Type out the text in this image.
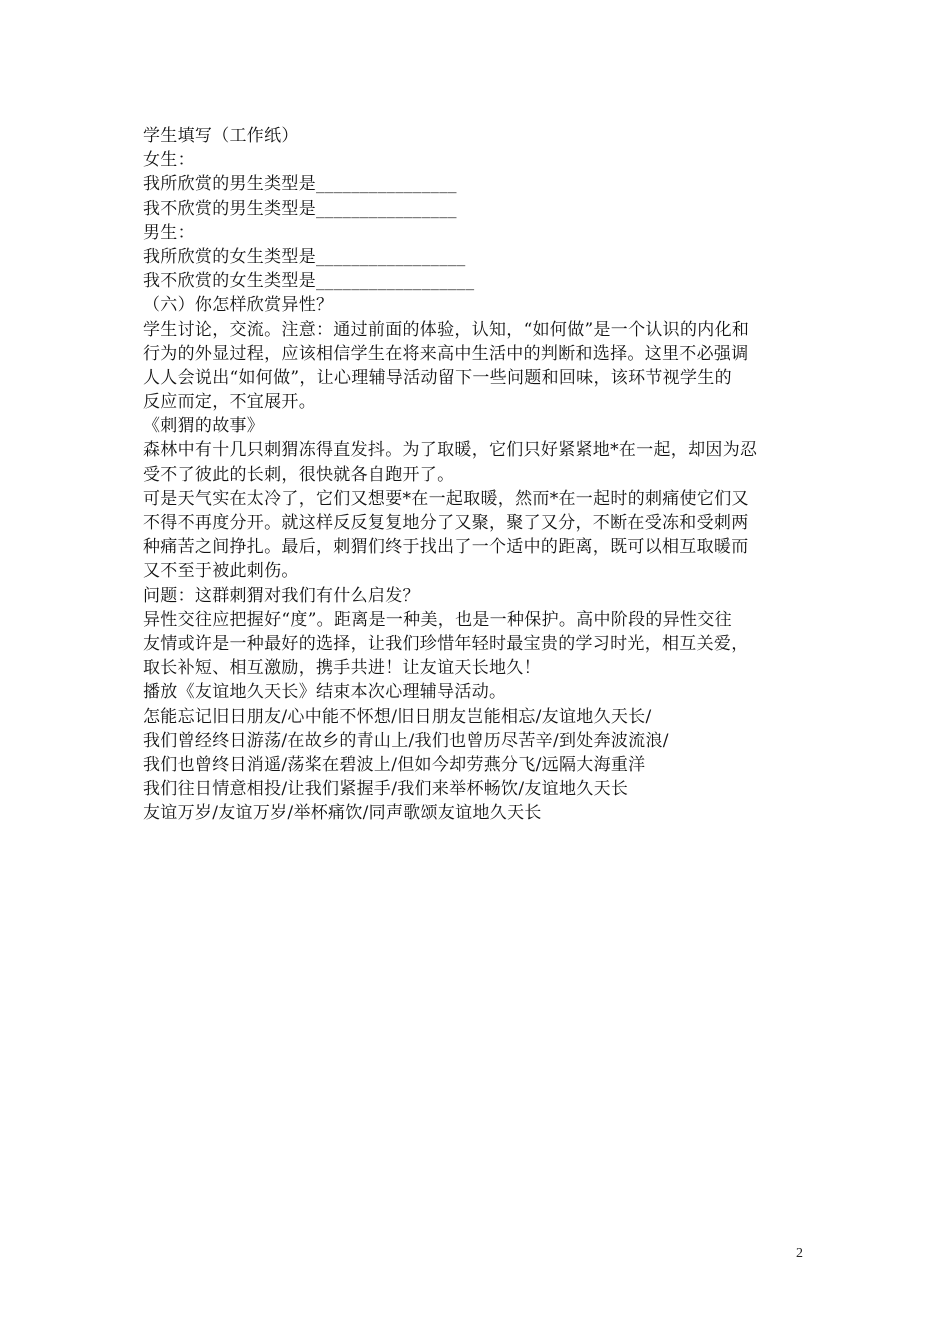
学生填写（工作纸）
女生：
我所欣赏的男生类型是________________
我不欣赏的男生类型是________________
男生：
我所欣赏的女生类型是_________________
我不欣赏的女生类型是__________________
（六）你怎样欣赏异性？
学生讨论，交流。注意：通过前面的体验，认知，“如何做”是一个认识的内化和
行为的外显过程，应该相信学生在将来高中生活中的判断和选择。这里不必强调
人人会说出“如何做”，让心理辅导活动留下一些问题和回味，该环节视学生的
反应而定，不宜展开。
《刺猬的故事》
森林中有十几只刺猬冻得直发抖。为了取暖，它们只好紧紧地*在一起，却因为忍
受不了彼此的长刺，很快就各自跑开了。
可是天气实在太冷了，它们又想要*在一起取暖，然而*在一起时的刺痛使它们又
不得不再度分开。就这样反反复复地分了又聚，聚了又分，不断在受冻和受刺两
种痛苦之间挣扎。最后，刺猬们终于找出了一个适中的距离，既可以相互取暖而
又不至于被此刺伤。
问题：这群刺猬对我们有什么启发？
异性交往应把握好“度”。距离是一种美，也是一种保护。高中阶段的异性交往
友情或许是一种最好的选择，让我们珍惜年轻时最宝贵的学习时光，相互关爱，
取长补短、相互激励，携手共进！让友谊天长地久！
播放《友谊地久天长》结束本次心理辅导活动。
怎能忘记旧日朋友/心中能不怀想/旧日朋友岂能相忘/友谊地久天长/
我们曾经终日游荡/在故乡的青山上/我们也曾历尽苦辛/到处奔波流浪/
我们也曾终日消遥/荡桨在碧波上/但如今却劳燕分飞/远隔大海重洋
我们往日情意相投/让我们紧握手/我们来举杯畅饮/友谊地久天长
友谊万岁/友谊万岁/举杯痛饮/同声歌颂友谊地久天长
2
